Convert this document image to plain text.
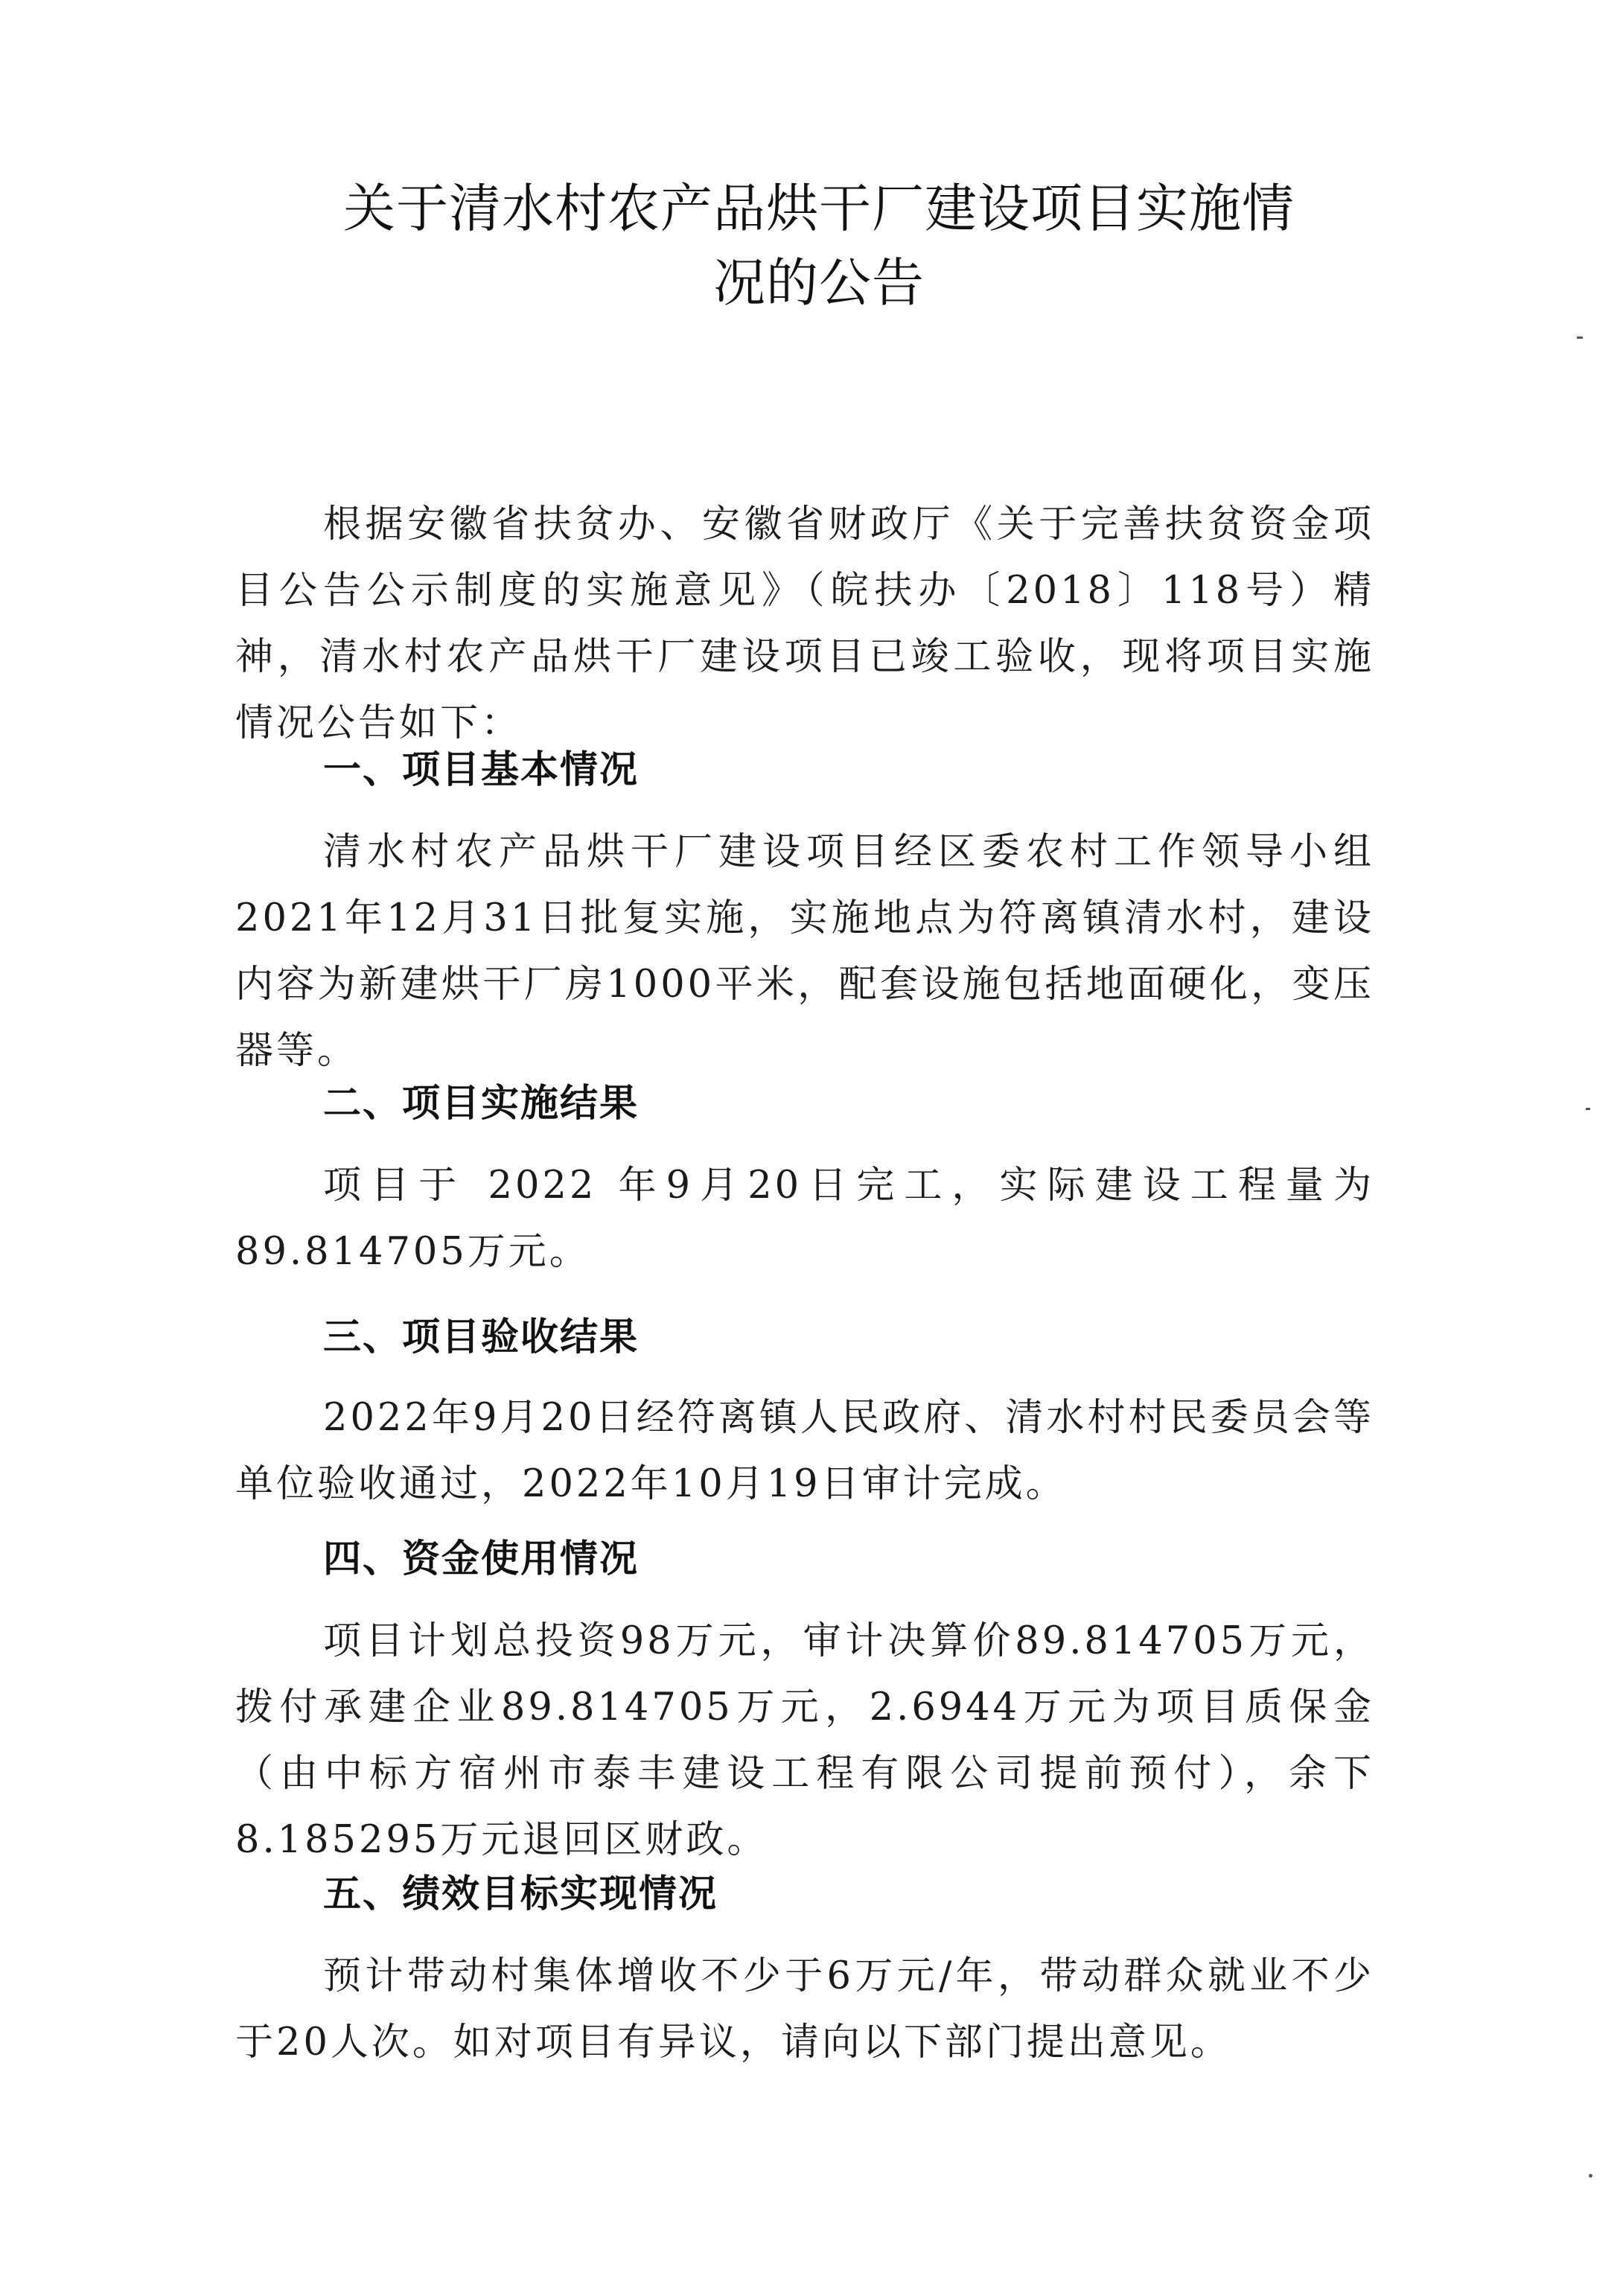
关于清水村农产品烘干厂建设项目实施情
况的公告

根据安徽省扶贫办、安徽省财政厅《关于完善扶贫资金项目公告公示制度的实施意见》（皖扶办〔2018〕118号）精神，清水村农产品烘干厂建设项目已竣工验收，现将项目实施情况公告如下：

一、项目基本情况

清水村农产品烘干厂建设项目经区委农村工作领导小组2021年12月31日批复实施，实施地点为符离镇清水村，建设内容为新建烘干厂房1000平米，配套设施包括地面硬化，变压器等。

二、项目实施结果

项目于 2022 年9月20日完工，实际建设工程量为89.814705万元。

三、项目验收结果

2022年9月20日经符离镇人民政府、清水村村民委员会等单位验收通过，2022年10月19日审计完成。

四、资金使用情况

项目计划总投资98万元，审计决算价89.814705万元，拨付承建企业89.814705万元，2.6944万元为项目质保金（由中标方宿州市泰丰建设工程有限公司提前预付），余下8.185295万元退回区财政。

五、绩效目标实现情况

预计带动村集体增收不少于6万元/年，带动群众就业不少于20人次。如对项目有异议，请向以下部门提出意见。
